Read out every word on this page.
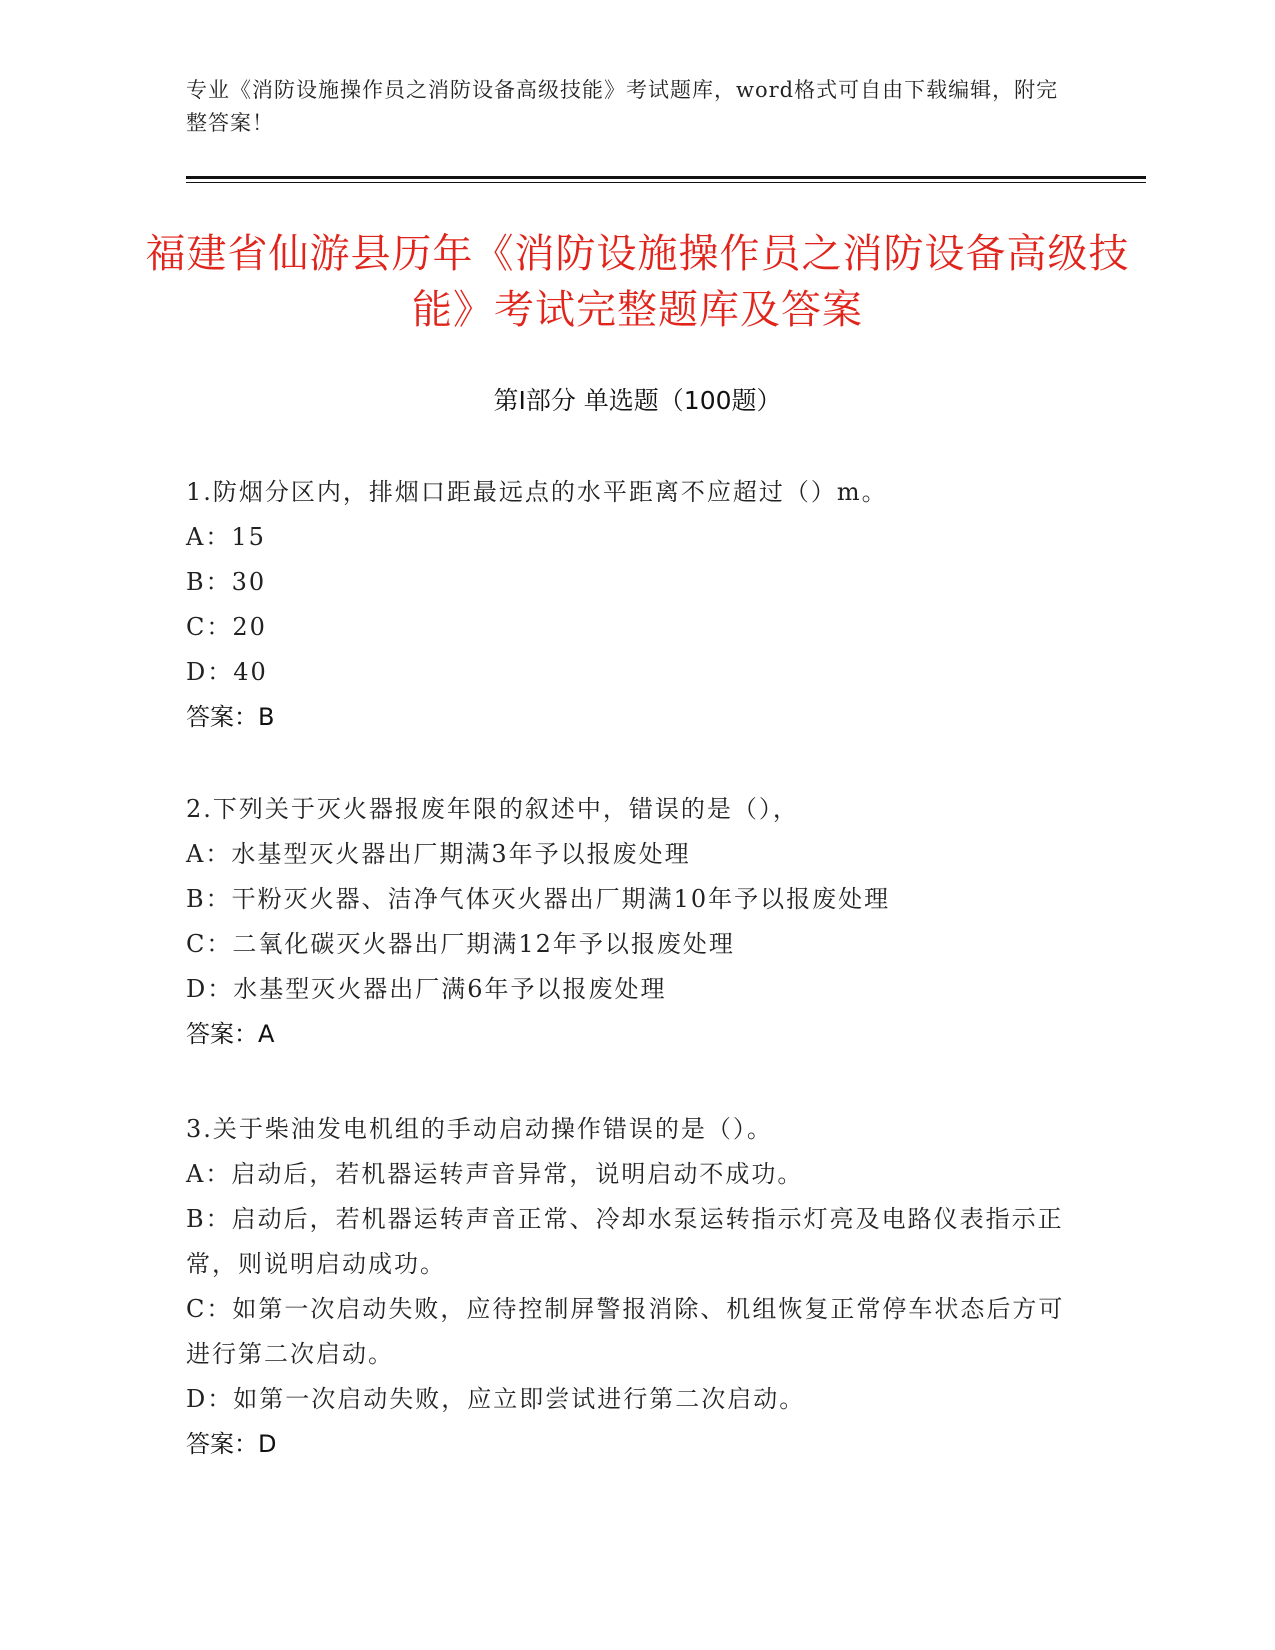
专业《消防设施操作员之消防设备高级技能》考试题库，word格式可自由下载编辑，附完整答案！
福建省仙游县历年《消防设施操作员之消防设备高级技能》考试完整题库及答案
第I部分 单选题（100题）
1.防烟分区内，排烟口距最远点的水平距离不应超过（）m。
A：15
B：30
C：20
D：40
答案：B
2.下列关于灭火器报废年限的叙述中，错误的是（），
A：水基型灭火器出厂期满3年予以报废处理
B：干粉灭火器、洁净气体灭火器出厂期满10年予以报废处理
C：二氧化碳灭火器出厂期满12年予以报废处理
D：水基型灭火器出厂满6年予以报废处理
答案：A
3.关于柴油发电机组的手动启动操作错误的是（）。
A：启动后，若机器运转声音异常，说明启动不成功。
B：启动后，若机器运转声音正常、冷却水泵运转指示灯亮及电路仪表指示正常，则说明启动成功。
C：如第一次启动失败，应待控制屏警报消除、机组恢复正常停车状态后方可进行第二次启动。
D：如第一次启动失败，应立即尝试进行第二次启动。
答案：D
